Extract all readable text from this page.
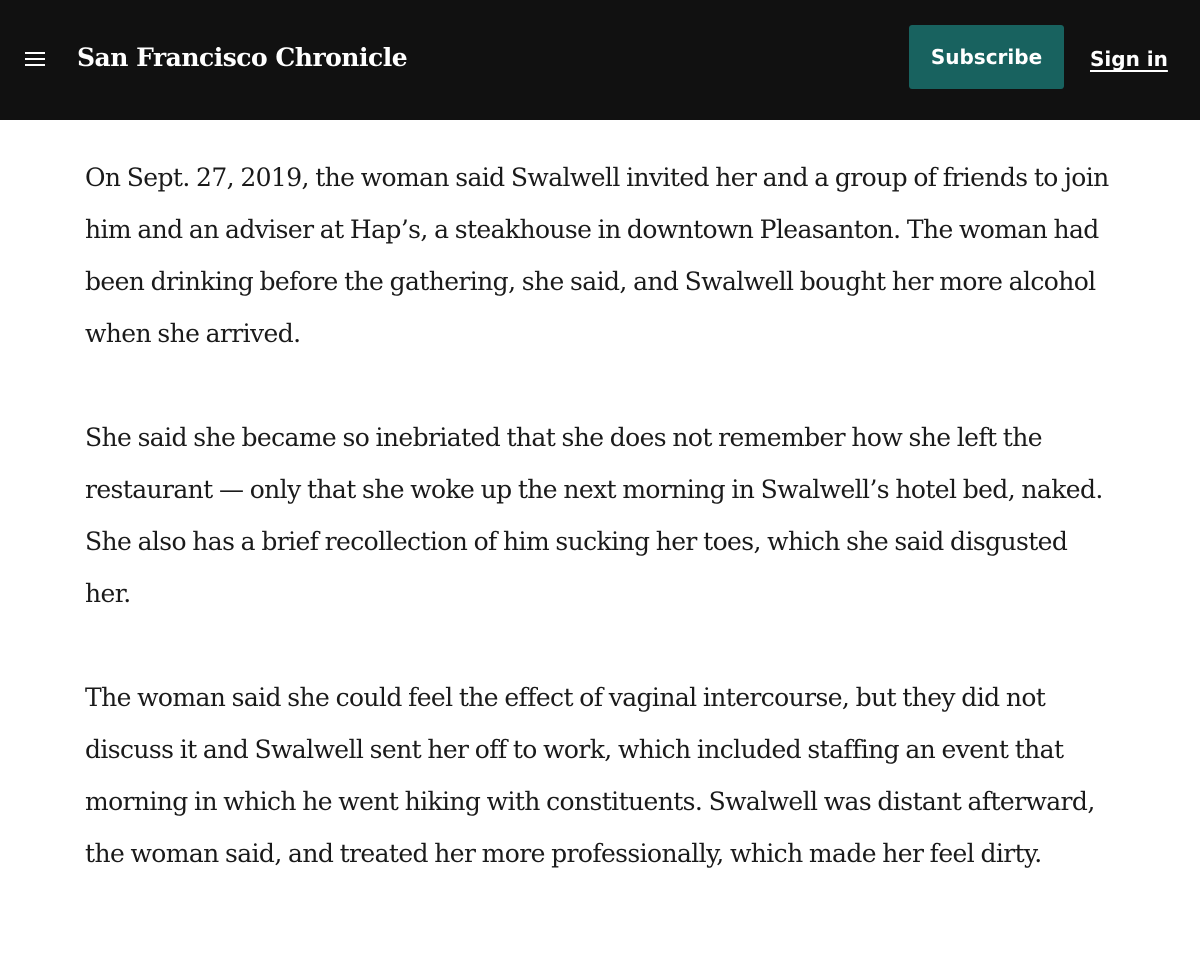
San Francisco Chronicle	Subscribe	Sign in

On Sept. 27, 2019, the woman said Swalwell invited her and a group of friends to join him and an adviser at Hap’s, a steakhouse in downtown Pleasanton. The woman had been drinking before the gathering, she said, and Swalwell bought her more alcohol when she arrived.

She said she became so inebriated that she does not remember how she left the restaurant — only that she woke up the next morning in Swalwell’s hotel bed, naked. She also has a brief recollection of him sucking her toes, which she said disgusted her.

The woman said she could feel the effect of vaginal intercourse, but they did not discuss it and Swalwell sent her off to work, which included staffing an event that morning in which he went hiking with constituents. Swalwell was distant afterward, the woman said, and treated her more professionally, which made her feel dirty.
